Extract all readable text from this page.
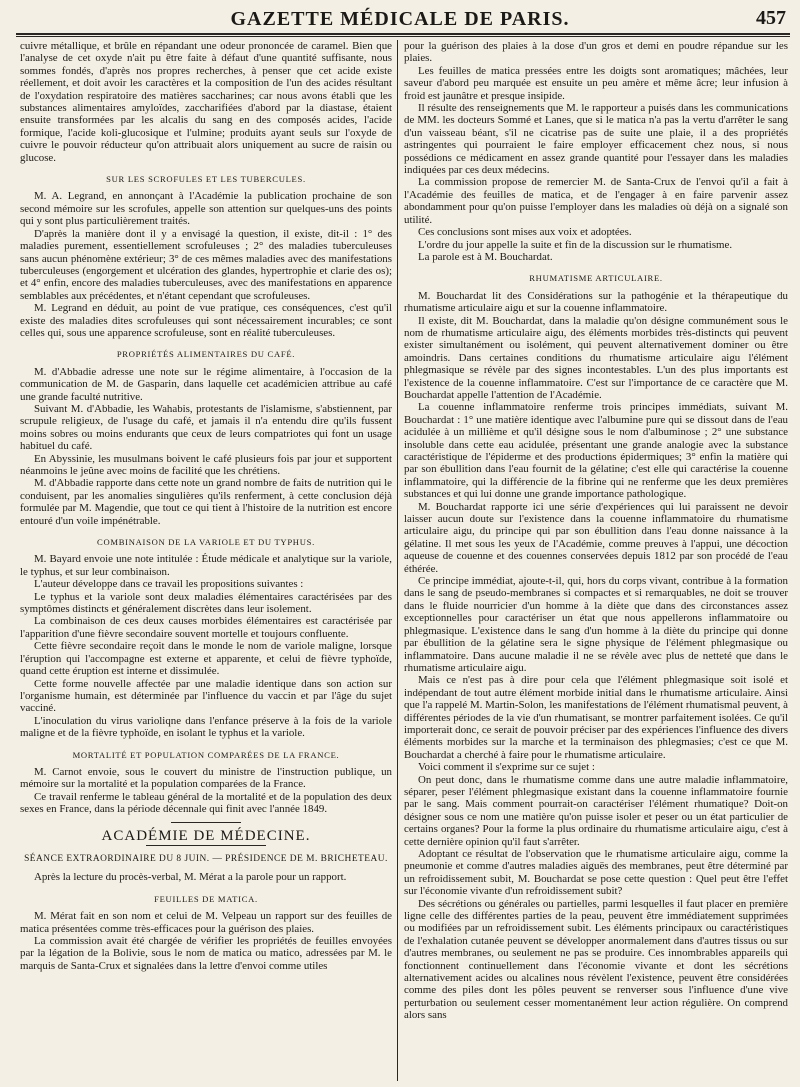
GAZETTE MÉDICALE DE PARIS.	457

cuivre métallique, et brûle en répandant une odeur prononcée de caramel. Bien que l'analyse de cet oxyde n'ait pu être faite à défaut d'une quantité suffisante, nous sommes fondés, d'après nos propres recherches, à penser que cet acide existe réellement, et doit avoir les caractères et la composition de l'un des acides résultant de l'oxydation respiratoire des matières saccharines; car nous avons établi que les substances alimentaires amyloïdes, zaccharifiées d'abord par la diastase, étaient ensuite transformées par les alcalis du sang en des composés acides, l'acide formique, l'acide koli-glucosique et l'ulmine; produits ayant seuls sur l'oxyde de cuivre le pouvoir réducteur qu'on attribuait alors uniquement au sucre de raisin ou glucose.

SUR LES SCROFULES ET LES TUBERCULES.

M. A. Legrand, en annonçant à l'Académie la publication prochaine de son second mémoire sur les scrofules, appelle son attention sur quelques-uns des points qui y sont plus particulièrement traités.

D'après la manière dont il y a envisagé la question, il existe, dit-il : 1° des maladies purement, essentiellement scrofuleuses ; 2° des maladies tuberculeuses sans aucun phénomène extérieur; 3° de ces mêmes maladies avec des manifestations tuberculeuses (engorgement et ulcération des glandes, hypertrophie et clarie des os); et 4° enfin, encore des maladies tuberculeuses, avec des manifestations en apparence semblables aux précédentes, et n'étant cependant que scrofuleuses.

M. Legrand en déduit, au point de vue pratique, ces conséquences, c'est qu'il existe des maladies dites scrofuleuses qui sont nécessairement incurables; ce sont celles qui, sous une apparence scrofuleuse, sont en réalité tuberculeuses.

PROPRIÉTÉS ALIMENTAIRES DU CAFÉ.

M. d'Abbadie adresse une note sur le régime alimentaire, à l'occasion de la communication de M. de Gasparin, dans laquelle cet académicien attribue au café une grande faculté nutritive.

Suivant M. d'Abbadie, les Wahabis, protestants de l'islamisme, s'abstiennent, par scrupule religieux, de l'usage du café, et jamais il n'a entendu dire qu'ils fussent moins sobres ou moins endurants que ceux de leurs compatriotes qui font un usage habituel du café.

En Abyssinie, les musulmans boivent le café plusieurs fois par jour et supportent néanmoins le jeûne avec moins de facilité que les chrétiens.

M. d'Abbadie rapporte dans cette note un grand nombre de faits de nutrition qui le conduisent, par les anomalies singulières qu'ils renferment, à cette conclusion déjà formulée par M. Magendie, que tout ce qui tient à l'histoire de la nutrition est encore entouré d'un voile impénétrable.

COMBINAISON DE LA VARIOLE ET DU TYPHUS.

M. Bayard envoie une note intitulée : Étude médicale et analytique sur la variole, le typhus, et sur leur combinaison.

L'auteur développe dans ce travail les propositions suivantes :

Le typhus et la variole sont deux maladies élémentaires caractérisées par des symptômes distincts et généralement discrètes dans leur isolement.

La combinaison de ces deux causes morbides élémentaires est caractérisée par l'apparition d'une fièvre secondaire souvent mortelle et toujours confluente.

Cette fièvre secondaire reçoit dans le monde le nom de variole maligne, lorsque l'éruption qui l'accompagne est externe et apparente, et celui de fièvre typhoïde, quand cette éruption est interne et dissimulée.

Cette forme nouvelle affectée par une maladie identique dans son action sur l'organisme humain, est déterminée par l'influence du vaccin et par l'âge du sujet vacciné.

L'inoculation du virus varioliqne dans l'enfance préserve à la fois de la variole maligne et de la fièvre typhoïde, en isolant le typhus et la variole.

MORTALITÉ ET POPULATION COMPARÉES DE LA FRANCE.

M. Carnot envoie, sous le couvert du ministre de l'instruction publique, un mémoire sur la mortalité et la population comparées de la France.

Ce travail renferme le tableau général de la mortalité et de la population des deux sexes en France, dans la période décennale qui finit avec l'année 1849.

ACADÉMIE DE MÉDECINE.
SÉANCE EXTRAORDINAIRE DU 8 JUIN. — PRÉSIDENCE DE M. BRICHETEAU.

Après la lecture du procès-verbal, M. Mérat a la parole pour un rapport.

FEUILLES DE MATICA.

M. Mérat fait en son nom et celui de M. Velpeau un rapport sur des feuilles de matica présentées comme très-efficaces pour la guérison des plaies.

La commission avait été chargée de vérifier les propriétés de feuilles envoyées par la légation de la Bolivie, sous le nom de matica ou matico, adressées par M. le marquis de Santa-Crux et signalées dans la lettre d'envoi comme utiles

pour la guérison des plaies à la dose d'un gros et demi en poudre répandue sur les plaies.

Les feuilles de matica pressées entre les doigts sont aromatiques; mâchées, leur saveur d'abord peu marquée est ensuite un peu amère et même âcre; leur infusion à froid est jaunâtre et presque insipide.

Il résulte des renseignements que M. le rapporteur a puisés dans les communications de MM. les docteurs Sommé et Lanes, que si le matica n'a pas la vertu d'arrêter le sang d'un vaisseau béant, s'il ne cicatrise pas de suite une plaie, il a des propriétés astringentes qui pourraient le faire employer efficacement chez nous, si nous possédions ce médicament en assez grande quantité pour l'essayer dans les maladies indiquées par ces deux médecins.

La commission propose de remercier M. de Santa-Crux de l'envoi qu'il a fait à l'Académie des feuilles de matica, et de l'engager à en faire parvenir assez abondamment pour qu'on puisse l'employer dans les maladies où déjà on a signalé son utilité.

Ces conclusions sont mises aux voix et adoptées.

L'ordre du jour appelle la suite et fin de la discussion sur le rhumatisme.

La parole est à M. Bouchardat.

RHUMATISME ARTICULAIRE.

M. Bouchardat lit des Considérations sur la pathogénie et la thérapeutique du rhumatisme articulaire aigu et sur la couenne inflammatoire.

Il existe, dit M. Bouchardat, dans la maladie qu'on désigne communément sous le nom de rhumatisme articulaire aigu, des éléments morbides très-distincts qui peuvent exister simultanément ou isolément, qui peuvent alternativement dominer ou être amoindris. Dans certaines conditions du rhumatisme articulaire aigu l'élément phlegmasique se révèle par des signes incontestables. L'un des plus importants est l'existence de la couenne inflammatoire. C'est sur l'importance de ce caractère que M. Bouchardat appelle l'attention de l'Académie.

La couenne inflammatoire renferme trois principes immédiats, suivant M. Bouchardat : 1° une matière identique avec l'albumine pure qui se dissout dans de l'eau acidulée à un millième et qu'il désigne sous le nom d'albuminose ; 2° une substance insoluble dans cette eau acidulée, présentant une grande analogie avec la substance caractéristique de l'épiderme et des productions épidermiques; 3° enfin la matière qui par son ébullition dans l'eau fournit de la gélatine; c'est elle qui caractérise la couenne inflammatoire, qui la différencie de la fibrine qui ne renferme que les deux premières substances et qui lui donne une grande importance pathologique.

M. Bouchardat rapporte ici une série d'expériences qui lui paraissent ne devoir laisser aucun doute sur l'existence dans la couenne inflammatoire du rhumatisme articulaire aigu, du principe qui par son ébullition dans l'eau donne naissance à la gélatine. Il met sous les yeux de l'Académie, comme preuves à l'appui, une décoction aqueuse de couenne et des couennes conservées depuis 1812 par son procédé de l'eau éthérée.

Ce principe immédiat, ajoute-t-il, qui, hors du corps vivant, contribue à la formation dans le sang de pseudo-membranes si compactes et si remarquables, ne doit se trouver dans le fluide nourricier d'un homme à la diète que dans des circonstances assez exceptionnelles pour caractériser un état que nous appellerons inflammatoire ou phlegmasique. L'existence dans le sang d'un homme à la diète du principe qui donne par ébullition de la gélatine sera le signe physique de l'élément phlegmasique ou inflammatoire. Dans aucune maladie il ne se révèle avec plus de netteté que dans le rhumatisme articulaire aigu.

Mais ce n'est pas à dire pour cela que l'élément phlegmasique soit isolé et indépendant de tout autre élément morbide initial dans le rhumatisme articulaire. Ainsi que l'a rappelé M. Martin-Solon, les manifestations de l'élément rhumatismal peuvent, à différentes périodes de la vie d'un rhumatisant, se montrer parfaitement isolées. Ce qu'il importerait donc, ce serait de pouvoir préciser par des expériences l'influence des divers éléments morbides sur la marche et la terminaison des phlegmasies; c'est ce que M. Bouchardat a cherché à faire pour le rhumatisme articulaire.

Voici comment il s'exprime sur ce sujet :

On peut donc, dans le rhumatisme comme dans une autre maladie inflammatoire, séparer, peser l'élément phlegmasique existant dans la couenne inflammatoire fournie par le sang. Mais comment pourrait-on caractériser l'élément rhumatique? Doit-on désigner sous ce nom une matière qu'on puisse isoler et peser ou un état particulier de certains organes? Pour la forme la plus ordinaire du rhumatisme articulaire aigu, c'est à cette dernière opinion qu'il faut s'arrêter.

Adoptant ce résultat de l'observation que le rhumatisme articulaire aigu, comme la pneumonie et comme d'autres maladies aiguës des membranes, peut être déterminé par un refroidissement subit, M. Bouchardat se pose cette question : Quel peut être l'effet sur l'économie vivante d'un refroidissement subit?

Des sécrétions ou générales ou partielles, parmi lesquelles il faut placer en première ligne celle des différentes parties de la peau, peuvent être immédiatement supprimées ou modifiées par un refroidissement subit. Les éléments principaux ou caractéristiques de l'exhalation cutanée peuvent se développer anormalement dans d'autres tissus ou sur d'autres membranes, ou seulement ne pas se produire. Ces innombrables appareils qui fonctionnent continuellement dans l'économie vivante et dont les sécrétions alternativement acides ou alcalines nous révèlent l'existence, peuvent être considérées comme des piles dont les pôles peuvent se renverser sous l'influence d'une vive perturbation ou seulement cesser momentanément leur action régulière. On comprend alors sans
